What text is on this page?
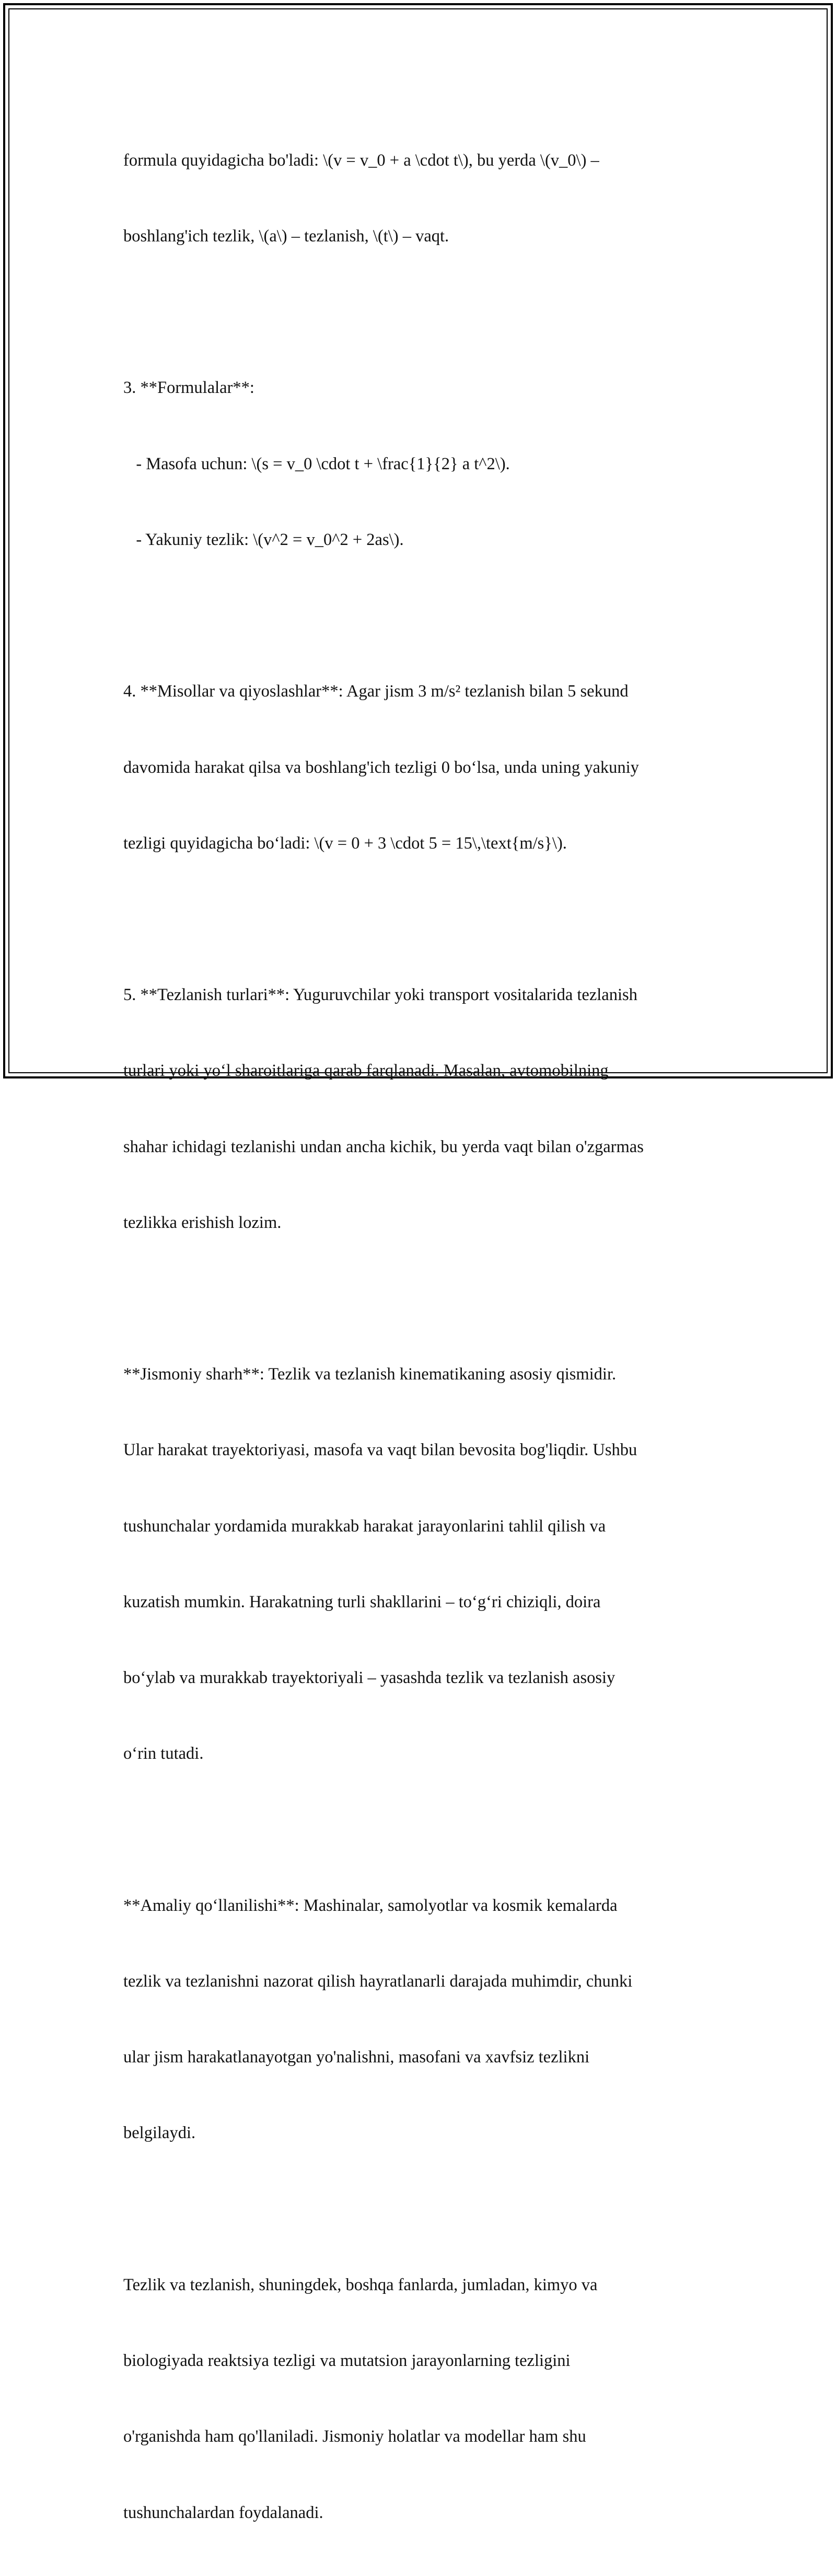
formula quyidagicha bo'ladi: \(v = v_0 + a \cdot t\), bu yerda \(v_0\) –

boshlang'ich tezlik, \(a\) – tezlanish, \(t\) – vaqt.

3. **Formulalar**:

- Masofa uchun: \(s = v_0 \cdot t + \frac{1}{2} a t^2\).

- Yakuniy tezlik: \(v^2 = v_0^2 + 2as\).

4. **Misollar va qiyoslashlar**: Agar jism 3 m/s² tezlanish bilan 5 sekund

davomida harakat qilsa va boshlang'ich tezligi 0 bo‘lsa, unda uning yakuniy

tezligi quyidagicha bo‘ladi: \(v = 0 + 3 \cdot 5 = 15\,\text{m/s}\).

5. **Tezlanish turlari**: Yuguruvchilar yoki transport vositalarida tezlanish

turlari yoki yo‘l sharoitlariga qarab farqlanadi. Masalan, avtomobilning

shahar ichidagi tezlanishi undan ancha kichik, bu yerda vaqt bilan o'zgarmas

tezlikka erishish lozim.

**Jismoniy sharh**: Tezlik va tezlanish kinematikaning asosiy qismidir.

Ular harakat trayektoriyasi, masofa va vaqt bilan bevosita bog'liqdir. Ushbu

tushunchalar yordamida murakkab harakat jarayonlarini tahlil qilish va

kuzatish mumkin. Harakatning turli shakllarini – to‘g‘ri chiziqli, doira

bo‘ylab va murakkab trayektoriyali – yasashda tezlik va tezlanish asosiy

o‘rin tutadi.

**Amaliy qo‘llanilishi**: Mashinalar, samolyotlar va kosmik kemalarda

tezlik va tezlanishni nazorat qilish hayratlanarli darajada muhimdir, chunki

ular jism harakatlanayotgan yo'nalishni, masofani va xavfsiz tezlikni

belgilaydi.

Tezlik va tezlanish, shuningdek, boshqa fanlarda, jumladan, kimyo va

biologiyada reaktsiya tezligi va mutatsion jarayonlarning tezligini

o'rganishda ham qo'llaniladi. Jismoniy holatlar va modellar ham shu

tushunchalardan foydalanadi.
